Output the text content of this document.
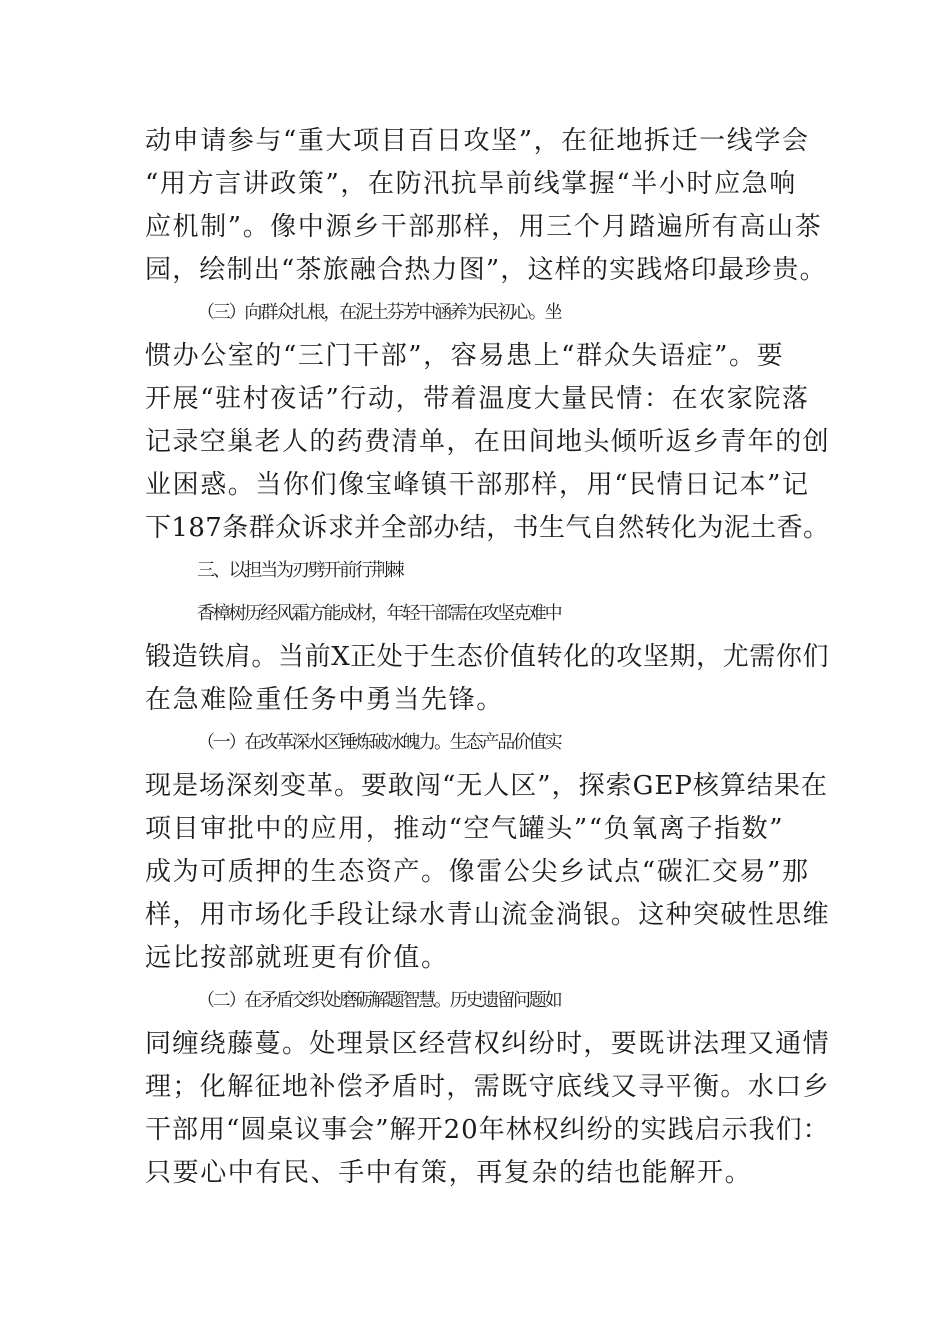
动申请参与“重大项目百日攻坚”，在征地拆迁一线学会
“用方言讲政策”，在防汛抗旱前线掌握“半小时应急响
应机制”。像中源乡干部那样，用三个月踏遍所有高山茶
园，绘制出“茶旅融合热力图”，这样的实践烙印最珍贵。
（三）向群众扎根，在泥土芬芳中涵养为民初心。坐
惯办公室的“三门干部”，容易患上“群众失语症”。要
开展“驻村夜话”行动，带着温度大量民情：在农家院落
记录空巢老人的药费清单，在田间地头倾听返乡青年的创
业困惑。当你们像宝峰镇干部那样，用“民情日记本”记
下187条群众诉求并全部办结，书生气自然转化为泥土香。
三、以担当为刃劈开前行荆棘
香樟树历经风霜方能成材，年轻干部需在攻坚克难中
锻造铁肩。当前X正处于生态价值转化的攻坚期，尤需你们
在急难险重任务中勇当先锋。
（一）在改革深水区锤炼破冰魄力。生态产品价值实
现是场深刻变革。要敢闯“无人区”，探索GEP核算结果在
项目审批中的应用，推动“空气罐头”“负氧离子指数”
成为可质押的生态资产。像雷公尖乡试点“碳汇交易”那
样，用市场化手段让绿水青山流金淌银。这种突破性思维
远比按部就班更有价值。
（二）在矛盾交织处磨砺解题智慧。历史遗留问题如
同缠绕藤蔓。处理景区经营权纠纷时，要既讲法理又通情
理；化解征地补偿矛盾时，需既守底线又寻平衡。水口乡
干部用“圆桌议事会”解开20年林权纠纷的实践启示我们：
只要心中有民、手中有策，再复杂的结也能解开。
